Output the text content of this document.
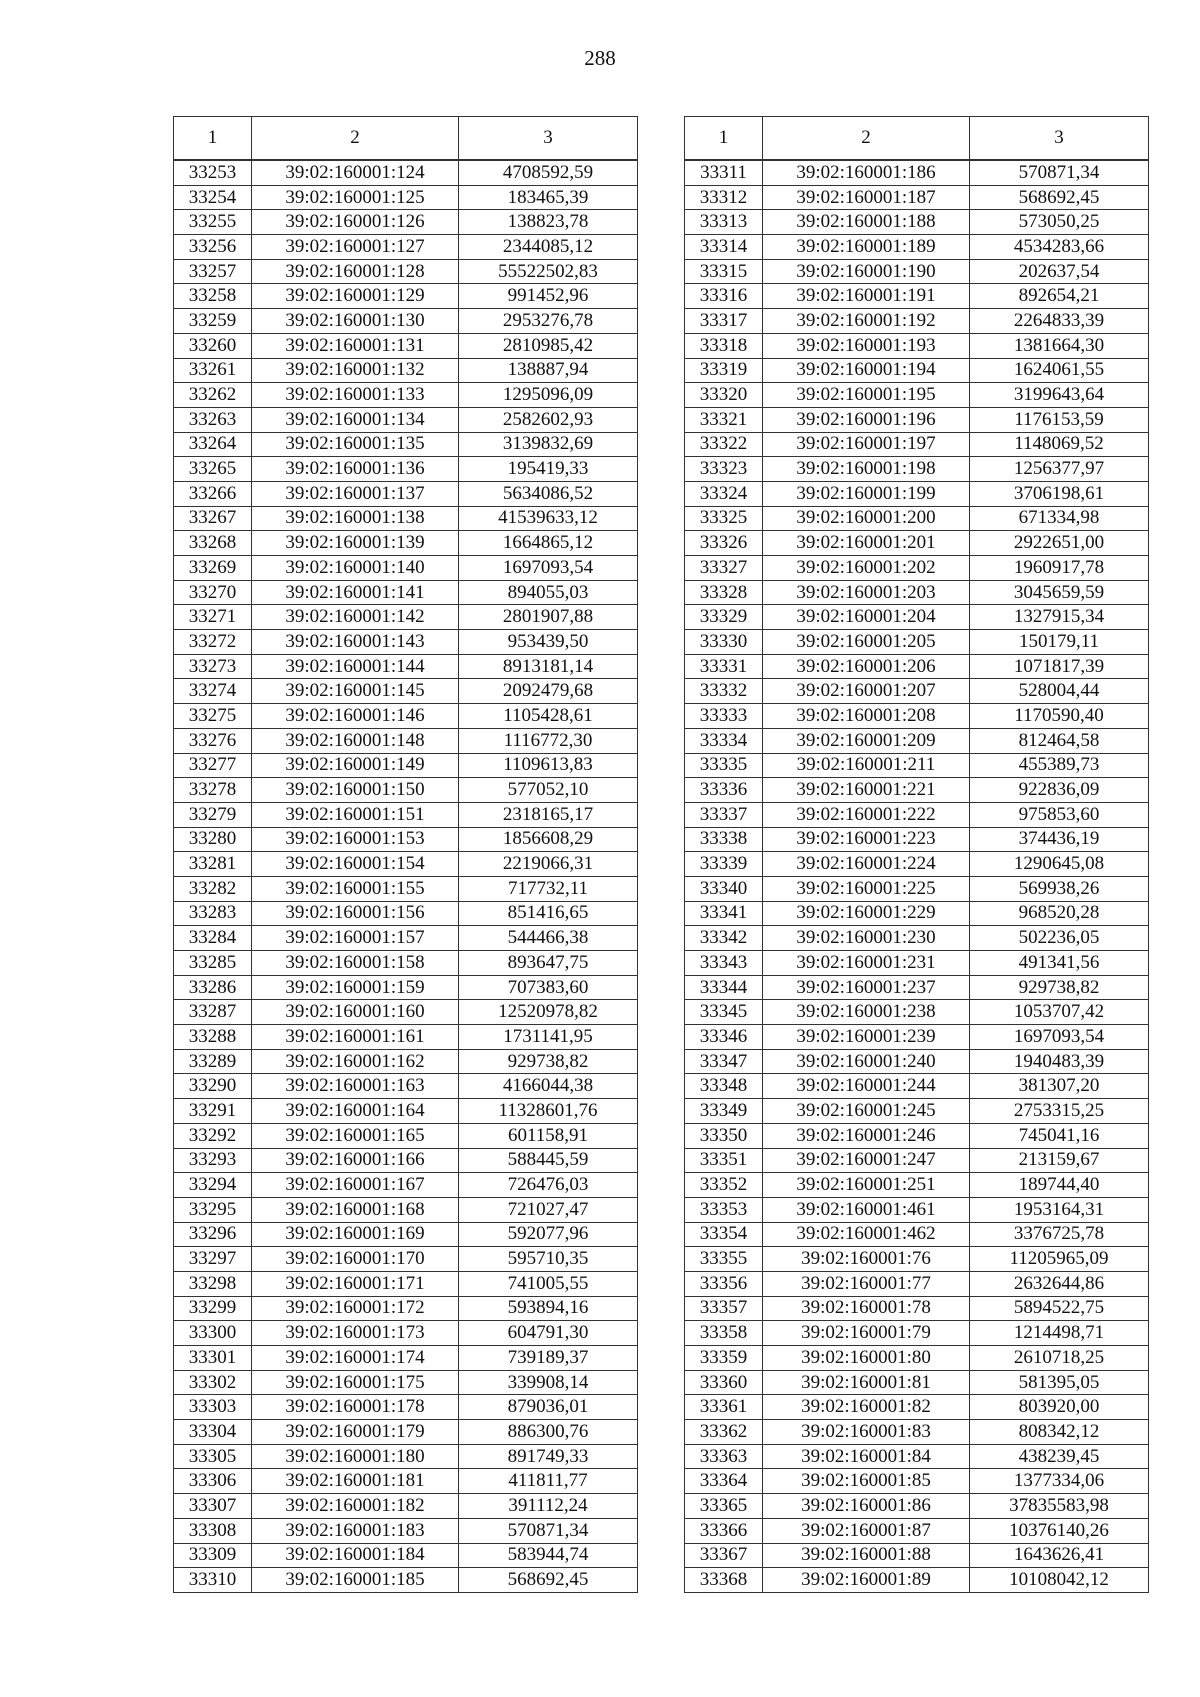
288
1	2	3
33253	39:02:160001:124	4708592,59
33254	39:02:160001:125	183465,39
33255	39:02:160001:126	138823,78
33256	39:02:160001:127	2344085,12
33257	39:02:160001:128	55522502,83
33258	39:02:160001:129	991452,96
33259	39:02:160001:130	2953276,78
33260	39:02:160001:131	2810985,42
33261	39:02:160001:132	138887,94
33262	39:02:160001:133	1295096,09
33263	39:02:160001:134	2582602,93
33264	39:02:160001:135	3139832,69
33265	39:02:160001:136	195419,33
33266	39:02:160001:137	5634086,52
33267	39:02:160001:138	41539633,12
33268	39:02:160001:139	1664865,12
33269	39:02:160001:140	1697093,54
33270	39:02:160001:141	894055,03
33271	39:02:160001:142	2801907,88
33272	39:02:160001:143	953439,50
33273	39:02:160001:144	8913181,14
33274	39:02:160001:145	2092479,68
33275	39:02:160001:146	1105428,61
33276	39:02:160001:148	1116772,30
33277	39:02:160001:149	1109613,83
33278	39:02:160001:150	577052,10
33279	39:02:160001:151	2318165,17
33280	39:02:160001:153	1856608,29
33281	39:02:160001:154	2219066,31
33282	39:02:160001:155	717732,11
33283	39:02:160001:156	851416,65
33284	39:02:160001:157	544466,38
33285	39:02:160001:158	893647,75
33286	39:02:160001:159	707383,60
33287	39:02:160001:160	12520978,82
33288	39:02:160001:161	1731141,95
33289	39:02:160001:162	929738,82
33290	39:02:160001:163	4166044,38
33291	39:02:160001:164	11328601,76
33292	39:02:160001:165	601158,91
33293	39:02:160001:166	588445,59
33294	39:02:160001:167	726476,03
33295	39:02:160001:168	721027,47
33296	39:02:160001:169	592077,96
33297	39:02:160001:170	595710,35
33298	39:02:160001:171	741005,55
33299	39:02:160001:172	593894,16
33300	39:02:160001:173	604791,30
33301	39:02:160001:174	739189,37
33302	39:02:160001:175	339908,14
33303	39:02:160001:178	879036,01
33304	39:02:160001:179	886300,76
33305	39:02:160001:180	891749,33
33306	39:02:160001:181	411811,77
33307	39:02:160001:182	391112,24
33308	39:02:160001:183	570871,34
33309	39:02:160001:184	583944,74
33310	39:02:160001:185	568692,45
1	2	3
33311	39:02:160001:186	570871,34
33312	39:02:160001:187	568692,45
33313	39:02:160001:188	573050,25
33314	39:02:160001:189	4534283,66
33315	39:02:160001:190	202637,54
33316	39:02:160001:191	892654,21
33317	39:02:160001:192	2264833,39
33318	39:02:160001:193	1381664,30
33319	39:02:160001:194	1624061,55
33320	39:02:160001:195	3199643,64
33321	39:02:160001:196	1176153,59
33322	39:02:160001:197	1148069,52
33323	39:02:160001:198	1256377,97
33324	39:02:160001:199	3706198,61
33325	39:02:160001:200	671334,98
33326	39:02:160001:201	2922651,00
33327	39:02:160001:202	1960917,78
33328	39:02:160001:203	3045659,59
33329	39:02:160001:204	1327915,34
33330	39:02:160001:205	150179,11
33331	39:02:160001:206	1071817,39
33332	39:02:160001:207	528004,44
33333	39:02:160001:208	1170590,40
33334	39:02:160001:209	812464,58
33335	39:02:160001:211	455389,73
33336	39:02:160001:221	922836,09
33337	39:02:160001:222	975853,60
33338	39:02:160001:223	374436,19
33339	39:02:160001:224	1290645,08
33340	39:02:160001:225	569938,26
33341	39:02:160001:229	968520,28
33342	39:02:160001:230	502236,05
33343	39:02:160001:231	491341,56
33344	39:02:160001:237	929738,82
33345	39:02:160001:238	1053707,42
33346	39:02:160001:239	1697093,54
33347	39:02:160001:240	1940483,39
33348	39:02:160001:244	381307,20
33349	39:02:160001:245	2753315,25
33350	39:02:160001:246	745041,16
33351	39:02:160001:247	213159,67
33352	39:02:160001:251	189744,40
33353	39:02:160001:461	1953164,31
33354	39:02:160001:462	3376725,78
33355	39:02:160001:76	11205965,09
33356	39:02:160001:77	2632644,86
33357	39:02:160001:78	5894522,75
33358	39:02:160001:79	1214498,71
33359	39:02:160001:80	2610718,25
33360	39:02:160001:81	581395,05
33361	39:02:160001:82	803920,00
33362	39:02:160001:83	808342,12
33363	39:02:160001:84	438239,45
33364	39:02:160001:85	1377334,06
33365	39:02:160001:86	37835583,98
33366	39:02:160001:87	10376140,26
33367	39:02:160001:88	1643626,41
33368	39:02:160001:89	10108042,12
